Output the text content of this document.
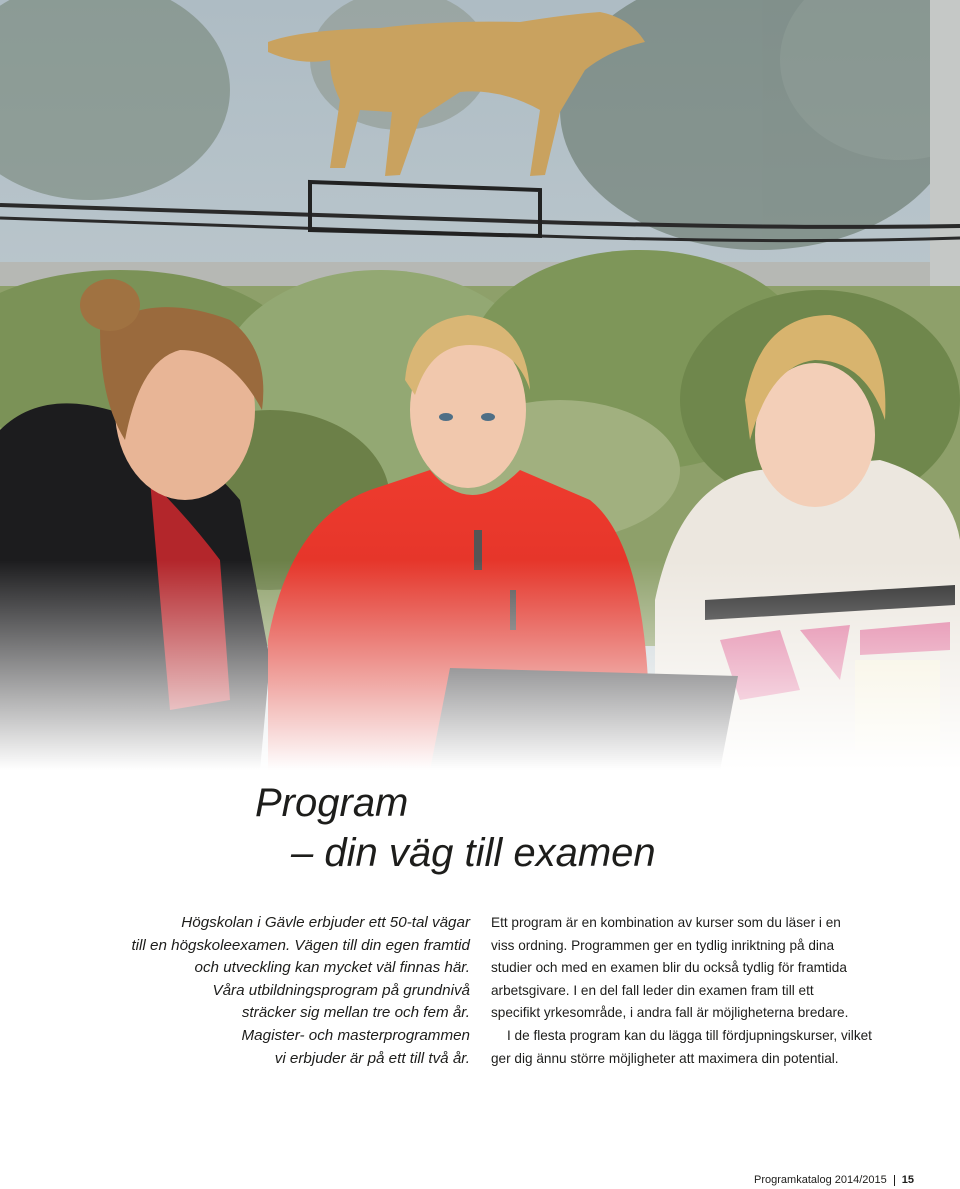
Program
– din väg till examen
Högskolan i Gävle erbjuder ett 50-tal vägar
till en högskoleexamen. Vägen till din egen framtid
och utveckling kan mycket väl finnas här.
Våra utbildningsprogram på grundnivå
sträcker sig mellan tre och fem år.
Magister- och masterprogrammen
vi erbjuder är på ett till två år.
Ett program är en kombination av kurser som du läser i en
viss ordning. Programmen ger en tydlig inriktning på dina
studier och med en examen blir du också tydlig för framtida
arbetsgivare. I en del fall leder din examen fram till ett
specifikt yrkesområde, i andra fall är möjligheterna bredare.
I de flesta program kan du lägga till fördjupningskurser, vilket
ger dig ännu större möjligheter att maximera din potential.
Programkatalog 2014/2015 15
